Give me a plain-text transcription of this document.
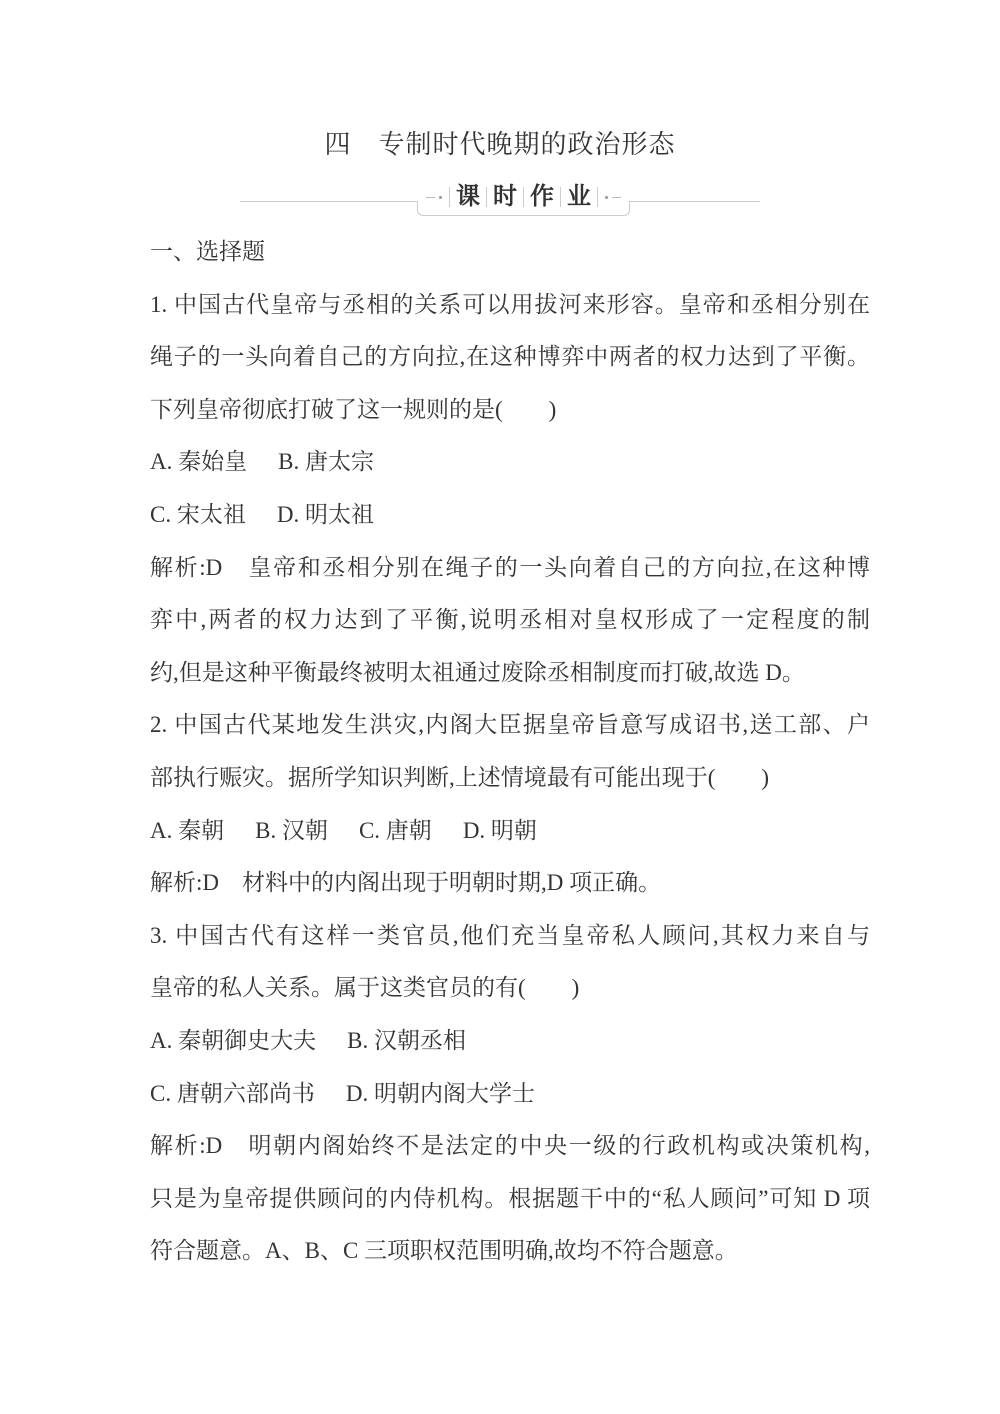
四　专制时代晚期的政治形态
课 时 作 业
一、选择题
1. 中国古代皇帝与丞相的关系可以用拔河来形容。皇帝和丞相分别在
绳子的一头向着自己的方向拉,在这种博弈中两者的权力达到了平衡。
下列皇帝彻底打破了这一规则的是(　　)
A. 秦始皇 B. 唐太宗
C. 宋太祖 D. 明太祖
解析:D　皇帝和丞相分别在绳子的一头向着自己的方向拉,在这种博
弈中,两者的权力达到了平衡,说明丞相对皇权形成了一定程度的制
约,但是这种平衡最终被明太祖通过废除丞相制度而打破,故选 D。
2. 中国古代某地发生洪灾,内阁大臣据皇帝旨意写成诏书,送工部、户
部执行赈灾。据所学知识判断,上述情境最有可能出现于(　　)
A. 秦朝 B. 汉朝 C. 唐朝 D. 明朝
解析:D　材料中的内阁出现于明朝时期,D 项正确。
3. 中国古代有这样一类官员,他们充当皇帝私人顾问,其权力来自与
皇帝的私人关系。属于这类官员的有(　　)
A. 秦朝御史大夫 B. 汉朝丞相
C. 唐朝六部尚书 D. 明朝内阁大学士
解析:D　明朝内阁始终不是法定的中央一级的行政机构或决策机构,
只是为皇帝提供顾问的内侍机构。根据题干中的“私人顾问”可知 D 项
符合题意。A、B、C 三项职权范围明确,故均不符合题意。
